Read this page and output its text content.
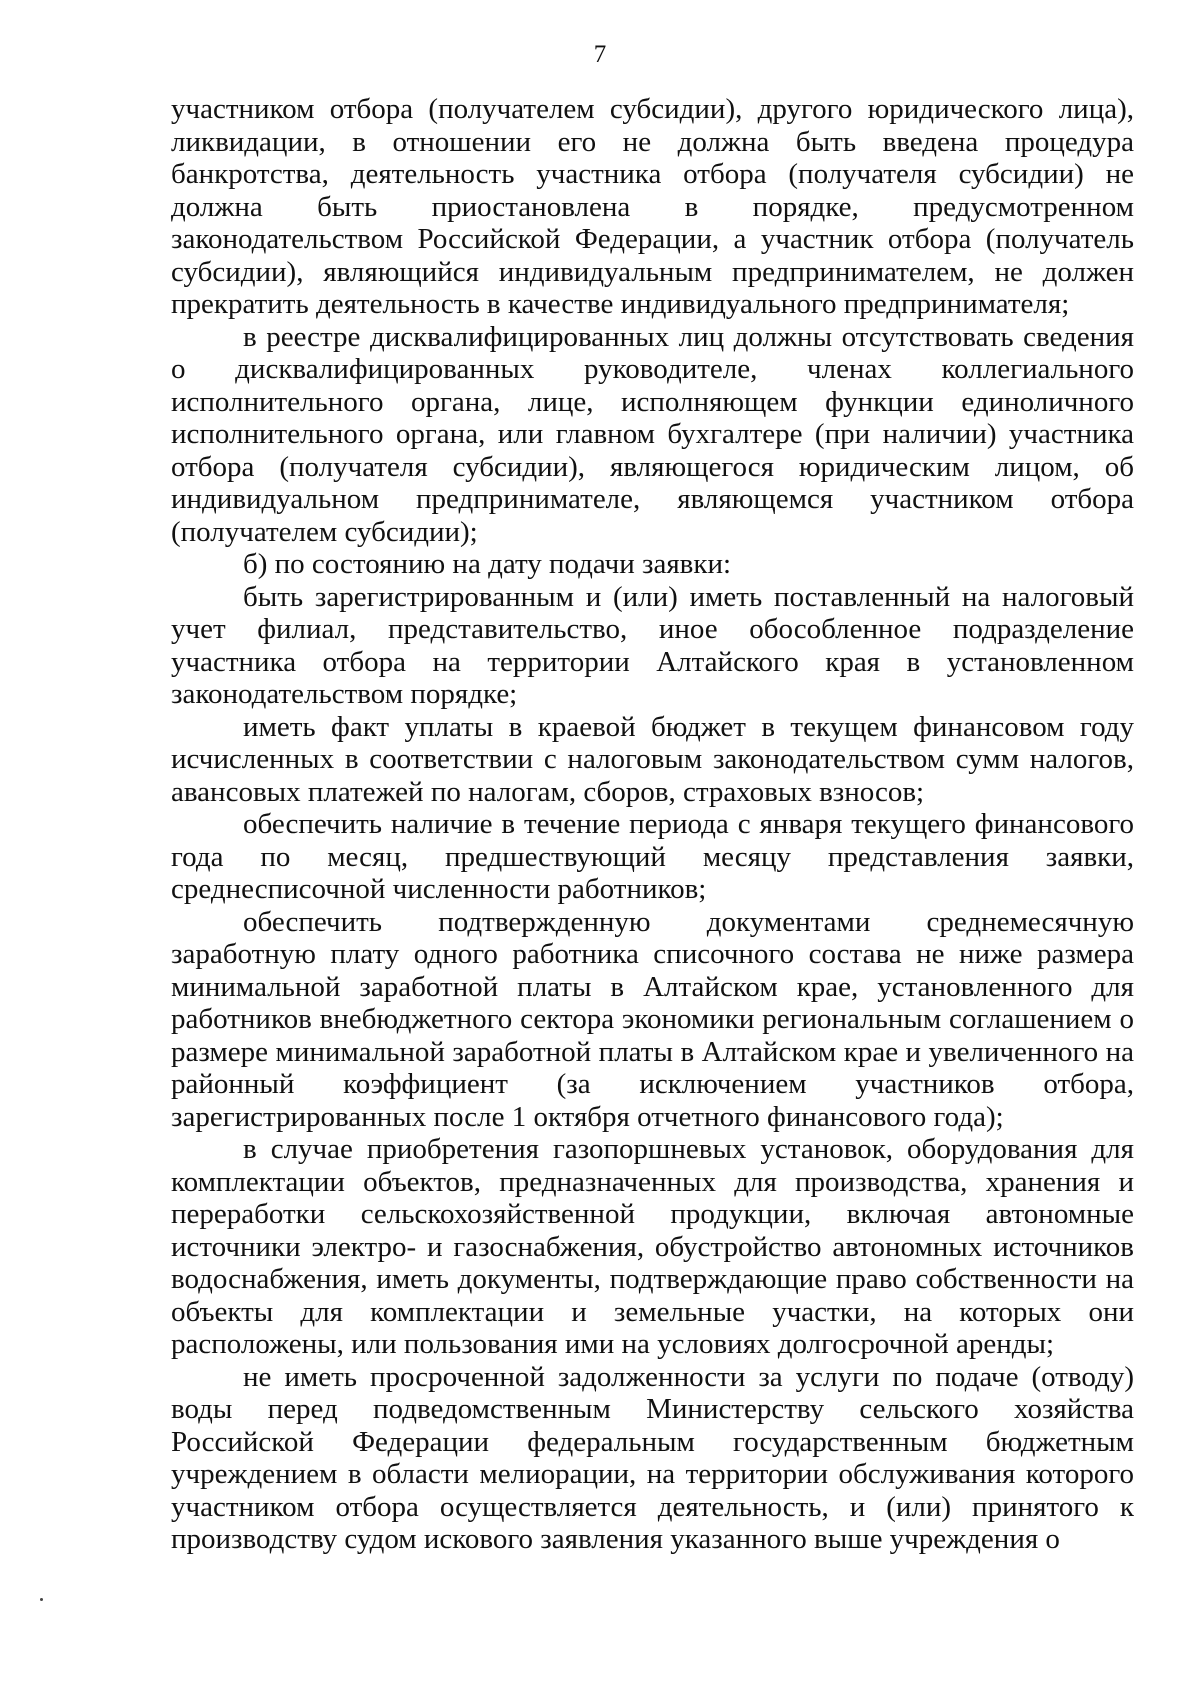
7

участником отбора (получателем субсидии), другого юридического лица), ликвидации, в отношении его не должна быть введена процедура банкротства, деятельность участника отбора (получателя субсидии) не должна быть приостановлена в порядке, предусмотренном законодательством Российской Федерации, а участник отбора (получатель субсидии), являющийся индивидуальным предпринимателем, не должен прекратить деятельность в качестве индивидуального предпринимателя;

в реестре дисквалифицированных лиц должны отсутствовать сведения о дисквалифицированных руководителе, членах коллегиального исполнительного органа, лице, исполняющем функции единоличного исполнительного органа, или главном бухгалтере (при наличии) участника отбора (получателя субсидии), являющегося юридическим лицом, об индивидуальном предпринимателе, являющемся участником отбора (получателем субсидии);

б) по состоянию на дату подачи заявки:

быть зарегистрированным и (или) иметь поставленный на налоговый учет филиал, представительство, иное обособленное подразделение участника отбора на территории Алтайского края в установленном законодательством порядке;

иметь факт уплаты в краевой бюджет в текущем финансовом году исчисленных в соответствии с налоговым законодательством сумм налогов, авансовых платежей по налогам, сборов, страховых взносов;

обеспечить наличие в течение периода с января текущего финансового года по месяц, предшествующий месяцу представления заявки, среднесписочной численности работников;

обеспечить подтвержденную документами среднемесячную заработную плату одного работника списочного состава не ниже размера минимальной заработной платы в Алтайском крае, установленного для работников внебюджетного сектора экономики региональным соглашением о размере минимальной заработной платы в Алтайском крае и увеличенного на районный коэффициент (за исключением участников отбора, зарегистрированных после 1 октября отчетного финансового года);

в случае приобретения газопоршневых установок, оборудования для комплектации объектов, предназначенных для производства, хранения и переработки сельскохозяйственной продукции, включая автономные источники электро- и газоснабжения, обустройство автономных источников водоснабжения, иметь документы, подтверждающие право собственности на объекты для комплектации и земельные участки, на которых они расположены, или пользования ими на условиях долгосрочной аренды;

не иметь просроченной задолженности за услуги по подаче (отводу) воды перед подведомственным Министерству сельского хозяйства Российской Федерации федеральным государственным бюджетным учреждением в области мелиорации, на территории обслуживания которого участником отбора осуществляется деятельность, и (или) принятого к производству судом искового заявления указанного выше учреждения о
